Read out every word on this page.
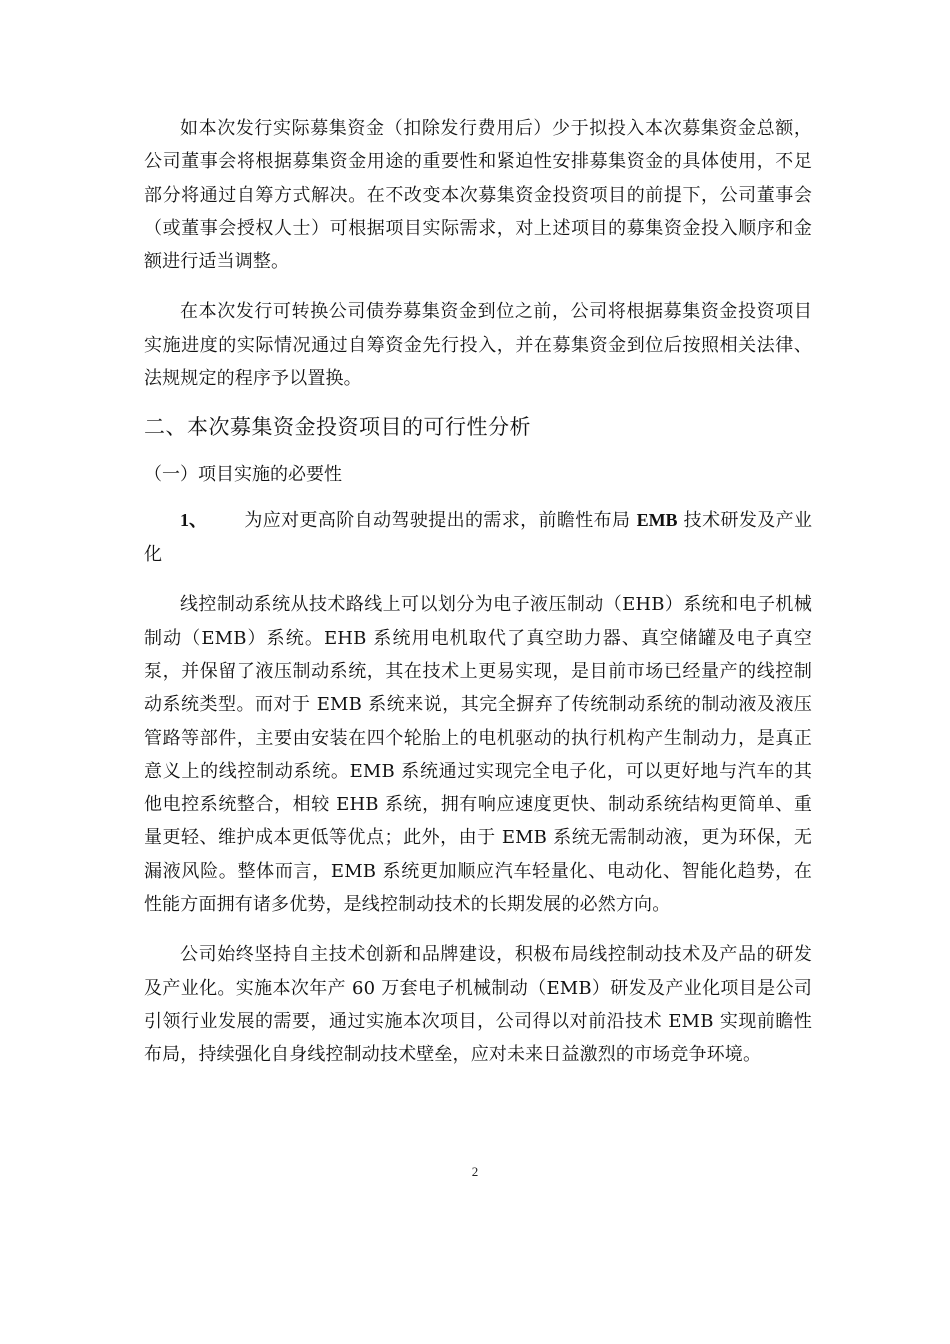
如本次发行实际募集资金（扣除发行费用后）少于拟投入本次募集资金总额，公司董事会将根据募集资金用途的重要性和紧迫性安排募集资金的具体使用，不足部分将通过自筹方式解决。在不改变本次募集资金投资项目的前提下，公司董事会（或董事会授权人士）可根据项目实际需求，对上述项目的募集资金投入顺序和金额进行适当调整。

在本次发行可转换公司债券募集资金到位之前，公司将根据募集资金投资项目实施进度的实际情况通过自筹资金先行投入，并在募集资金到位后按照相关法律、法规规定的程序予以置换。

二、本次募集资金投资项目的可行性分析
（一）项目实施的必要性

1、 为应对更高阶自动驾驶提出的需求，前瞻性布局 EMB 技术研发及产业化

线控制动系统从技术路线上可以划分为电子液压制动（EHB）系统和电子机械制动（EMB）系统。EHB 系统用电机取代了真空助力器、真空储罐及电子真空泵，并保留了液压制动系统，其在技术上更易实现，是目前市场已经量产的线控制动系统类型。而对于 EMB 系统来说，其完全摒弃了传统制动系统的制动液及液压管路等部件，主要由安装在四个轮胎上的电机驱动的执行机构产生制动力，是真正意义上的线控制动系统。EMB 系统通过实现完全电子化，可以更好地与汽车的其他电控系统整合，相较 EHB 系统，拥有响应速度更快、制动系统结构更简单、重量更轻、维护成本更低等优点；此外，由于 EMB 系统无需制动液，更为环保，无漏液风险。整体而言，EMB 系统更加顺应汽车轻量化、电动化、智能化趋势，在性能方面拥有诸多优势，是线控制动技术的长期发展的必然方向。

公司始终坚持自主技术创新和品牌建设，积极布局线控制动技术及产品的研发及产业化。实施本次年产 60 万套电子机械制动（EMB）研发及产业化项目是公司引领行业发展的需要，通过实施本次项目，公司得以对前沿技术 EMB 实现前瞻性布局，持续强化自身线控制动技术壁垒，应对未来日益激烈的市场竞争环境。

2
